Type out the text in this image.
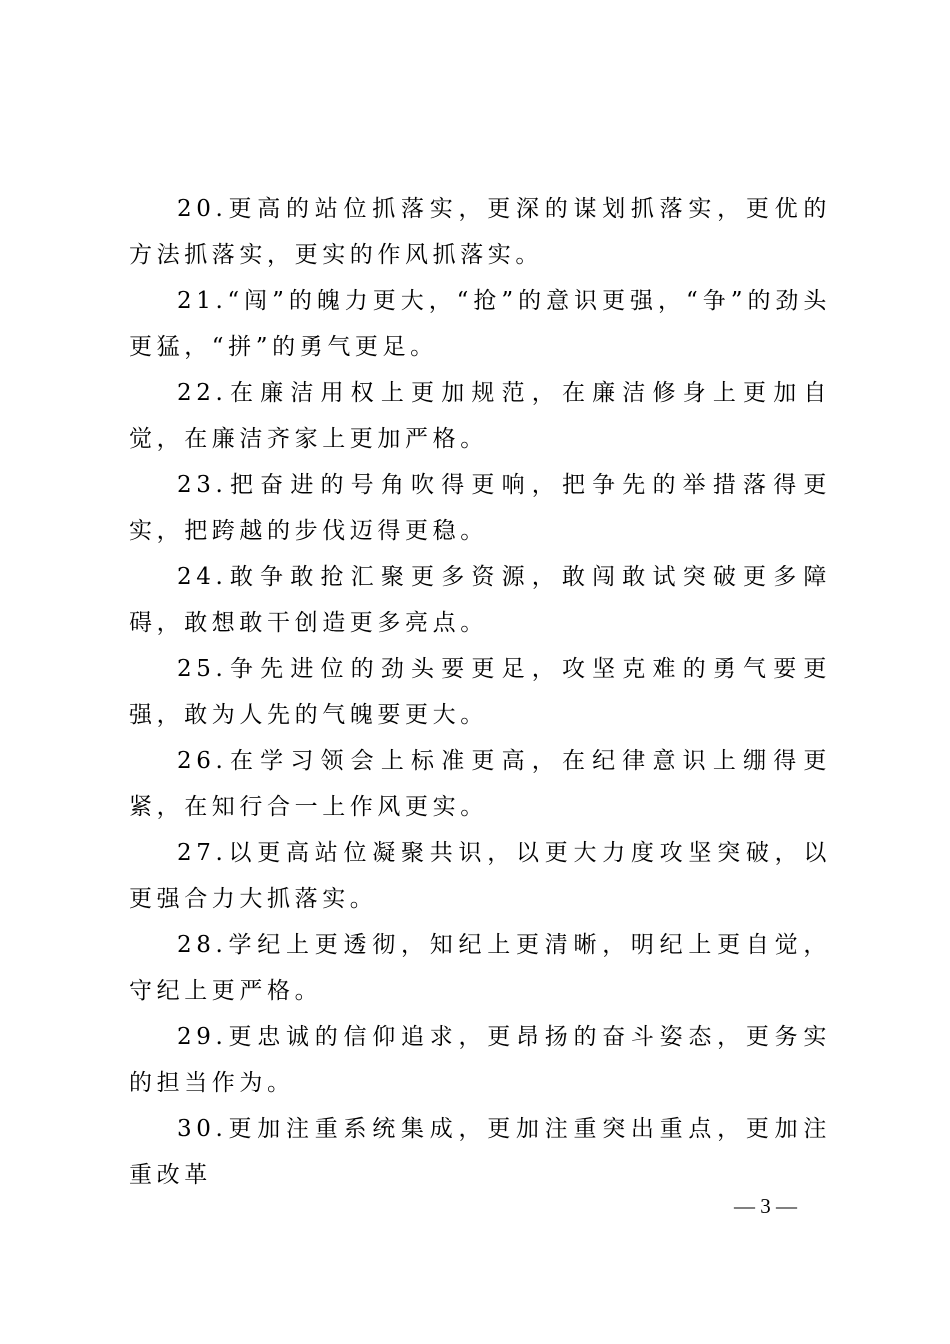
20.更高的站位抓落实，更深的谋划抓落实，更优的方法抓落实，更实的作风抓落实。

21.“闯”的魄力更大，“抢”的意识更强，“争”的劲头更猛，“拼”的勇气更足。

22.在廉洁用权上更加规范，在廉洁修身上更加自觉，在廉洁齐家上更加严格。

23.把奋进的号角吹得更响，把争先的举措落得更实，把跨越的步伐迈得更稳。

24.敢争敢抢汇聚更多资源，敢闯敢试突破更多障碍，敢想敢干创造更多亮点。

25.争先进位的劲头要更足，攻坚克难的勇气要更强，敢为人先的气魄要更大。

26.在学习领会上标准更高，在纪律意识上绷得更紧，在知行合一上作风更实。

27.以更高站位凝聚共识，以更大力度攻坚突破，以更强合力大抓落实。

28.学纪上更透彻，知纪上更清晰，明纪上更自觉，守纪上更严格。

29.更忠诚的信仰追求，更昂扬的奋斗姿态，更务实的担当作为。

30.更加注重系统集成，更加注重突出重点，更加注重改革

— 3 —
